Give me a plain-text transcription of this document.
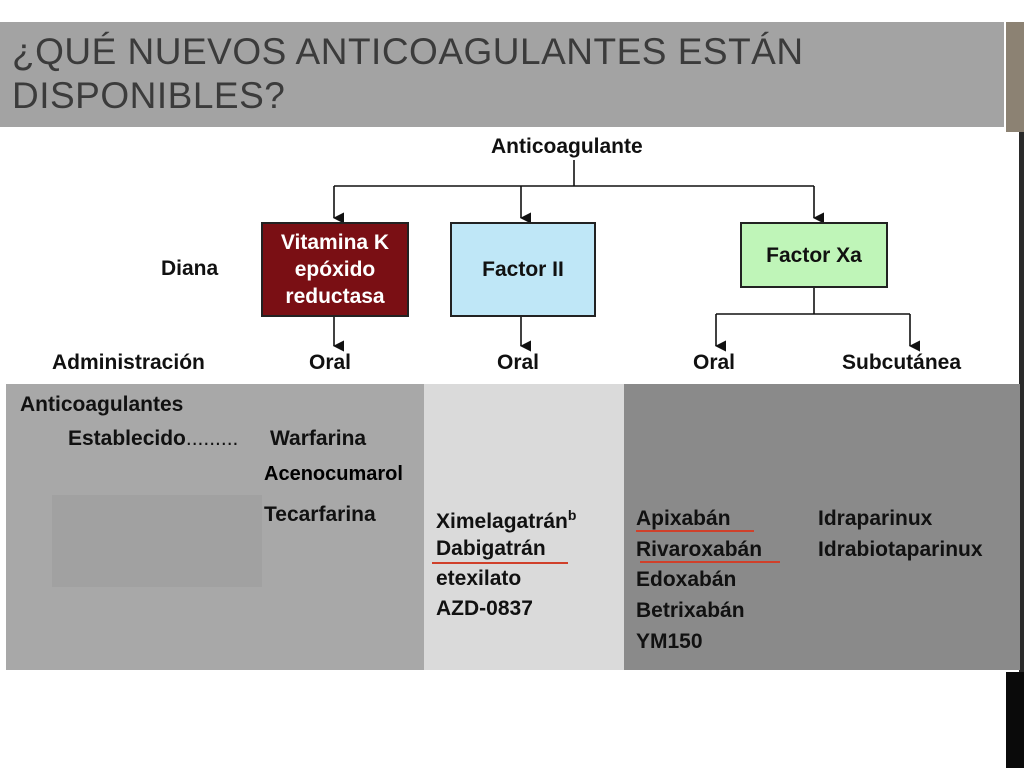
¿QUÉ NUEVOS ANTICOAGULANTES ESTÁN DISPONIBLES?
Anticoagulante
Diana
Administración
Vitamina K epóxido reductasa
Factor II
Factor Xa
Oral	Oral	Oral	Subcutánea
Anticoagulantes
Establecido......... Warfarina
Acenocumarol
Tecarfarina	Ximelagatrán$^b$
Dabigatrán
etexilato
AZD-0837
Apixabán
Rivaroxabán
Edoxabán
Betrixabán
YM150
Idraparinux
Idrabiotaparinux
